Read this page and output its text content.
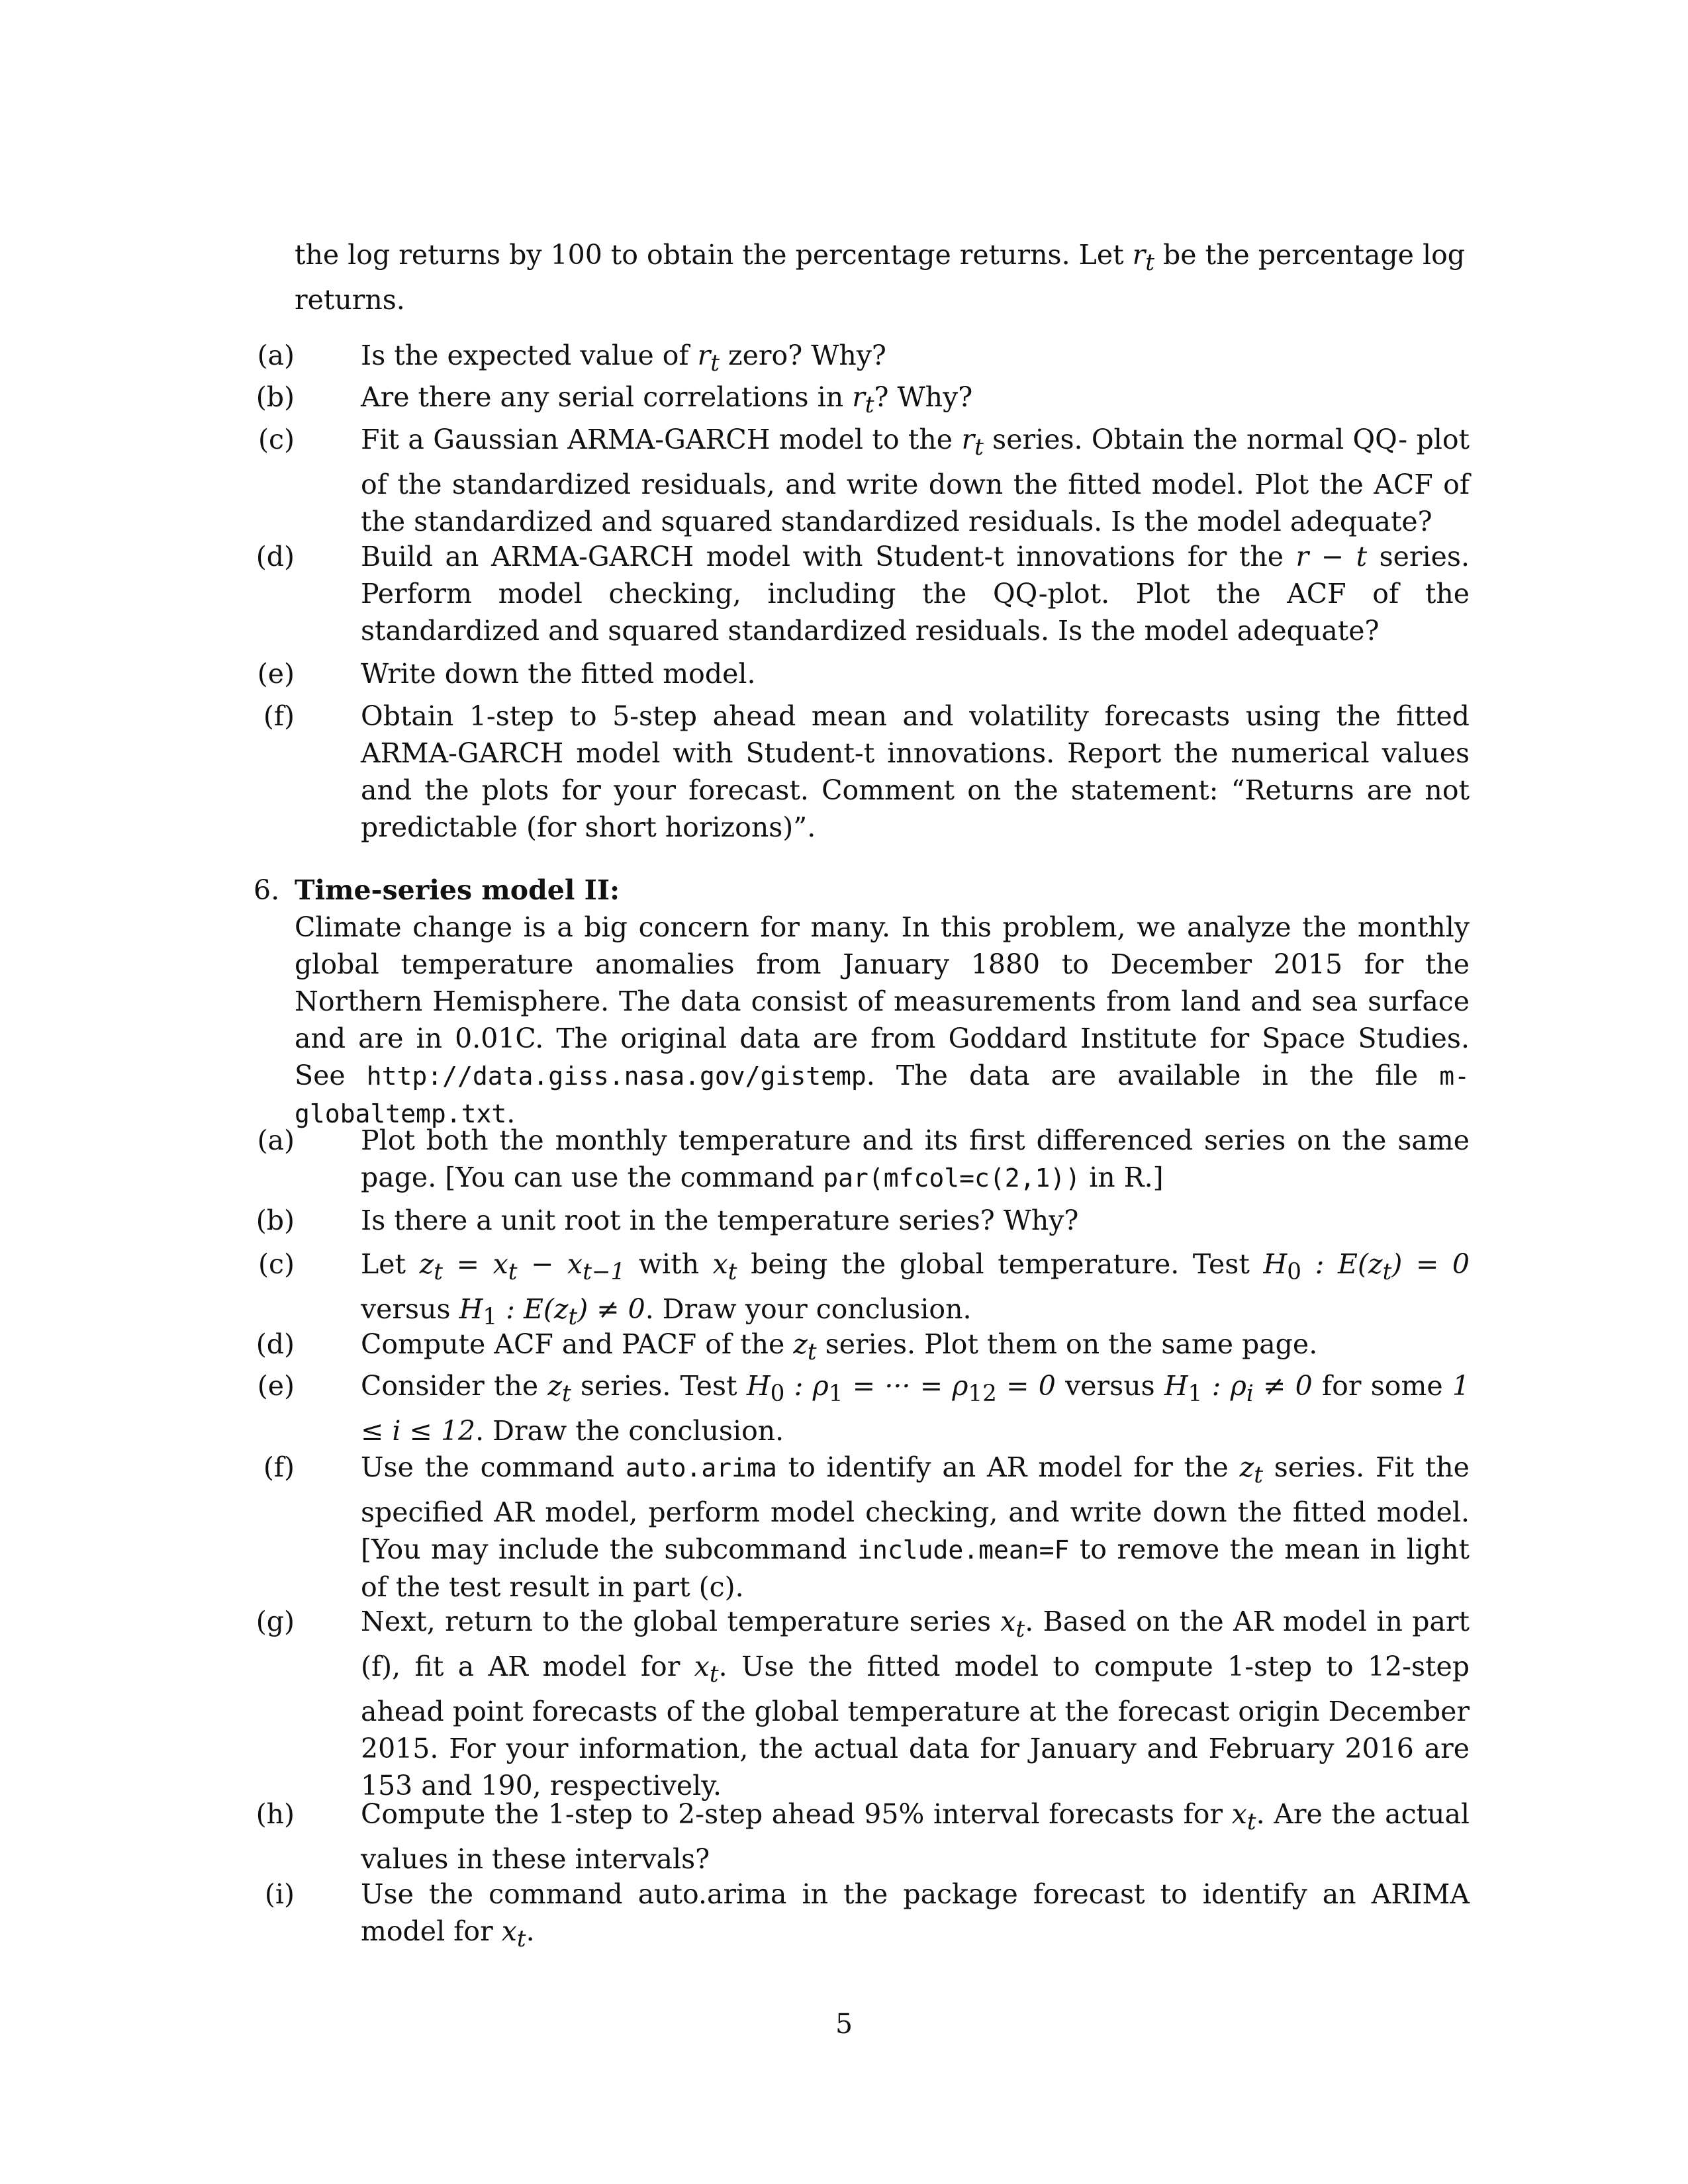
the log returns by 100 to obtain the percentage returns. Let $r_t$ be the percentage log returns.
(a) Is the expected value of $r_t$ zero? Why?
(b) Are there any serial correlations in $r_t$? Why?
(c) Fit a Gaussian ARMA-GARCH model to the $r_t$ series. Obtain the normal QQ- plot of the standardized residuals, and write down the fitted model. Plot the ACF of the standardized and squared standardized residuals. Is the model adequate?
(d) Build an ARMA-GARCH model with Student-t innovations for the r − t series. Perform model checking, including the QQ-plot. Plot the ACF of the standardized and squared standardized residuals. Is the model adequate?
(e) Write down the fitted model.
(f) Obtain 1-step to 5-step ahead mean and volatility forecasts using the fitted ARMA-GARCH model with Student-t innovations. Report the numerical values and the plots for your forecast. Comment on the statement: “Returns are not predictable (for short horizons)”.
6. Time-series model II:
Climate change is a big concern for many. In this problem, we analyze the monthly global temperature anomalies from January 1880 to December 2015 for the Northern Hemisphere. The data consist of measurements from land and sea surface and are in 0.01C. The original data are from Goddard Institute for Space Studies. See http://data.giss.nasa.gov/gistemp. The data are available in the file m-globaltemp.txt.
(a) Plot both the monthly temperature and its first differenced series on the same page. [You can use the command par(mfcol=c(2,1)) in R.]
(b) Is there a unit root in the temperature series? Why?
(c) Let $z_t = x_t - x_{t-1}$ with $x_t$ being the global temperature. Test $H_0$ : $E(z_t) = 0$ versus $H_1$ : $E(z_t) \ne 0$. Draw your conclusion.
(d) Compute ACF and PACF of the $z_t$ series. Plot them on the same page.
(e) Consider the $z_t$ series. Test $H_0$ : $\rho_1$ = ··· = $\rho_{12} = 0$ versus $H_1$ : $\rho_i \ne 0$ for some 1 ≤ i ≤ 12. Draw the conclusion.
(f) Use the command auto.arima to identify an AR model for the $z_t$ series. Fit the specified AR model, perform model checking, and write down the fitted model. [You may include the subcommand include.mean=F to remove the mean in light of the test result in part (c).
(g) Next, return to the global temperature series $x_t$. Based on the AR model in part (f), fit a AR model for $x_t$. Use the fitted model to compute 1-step to 12-step ahead point forecasts of the global temperature at the forecast origin December 2015. For your information, the actual data for January and February 2016 are 153 and 190, respectively.
(h) Compute the 1-step to 2-step ahead 95% interval forecasts for $x_t$. Are the actual values in these intervals?
(i) Use the command auto.arima in the package forecast to identify an ARIMA model for $x_t$.
5
